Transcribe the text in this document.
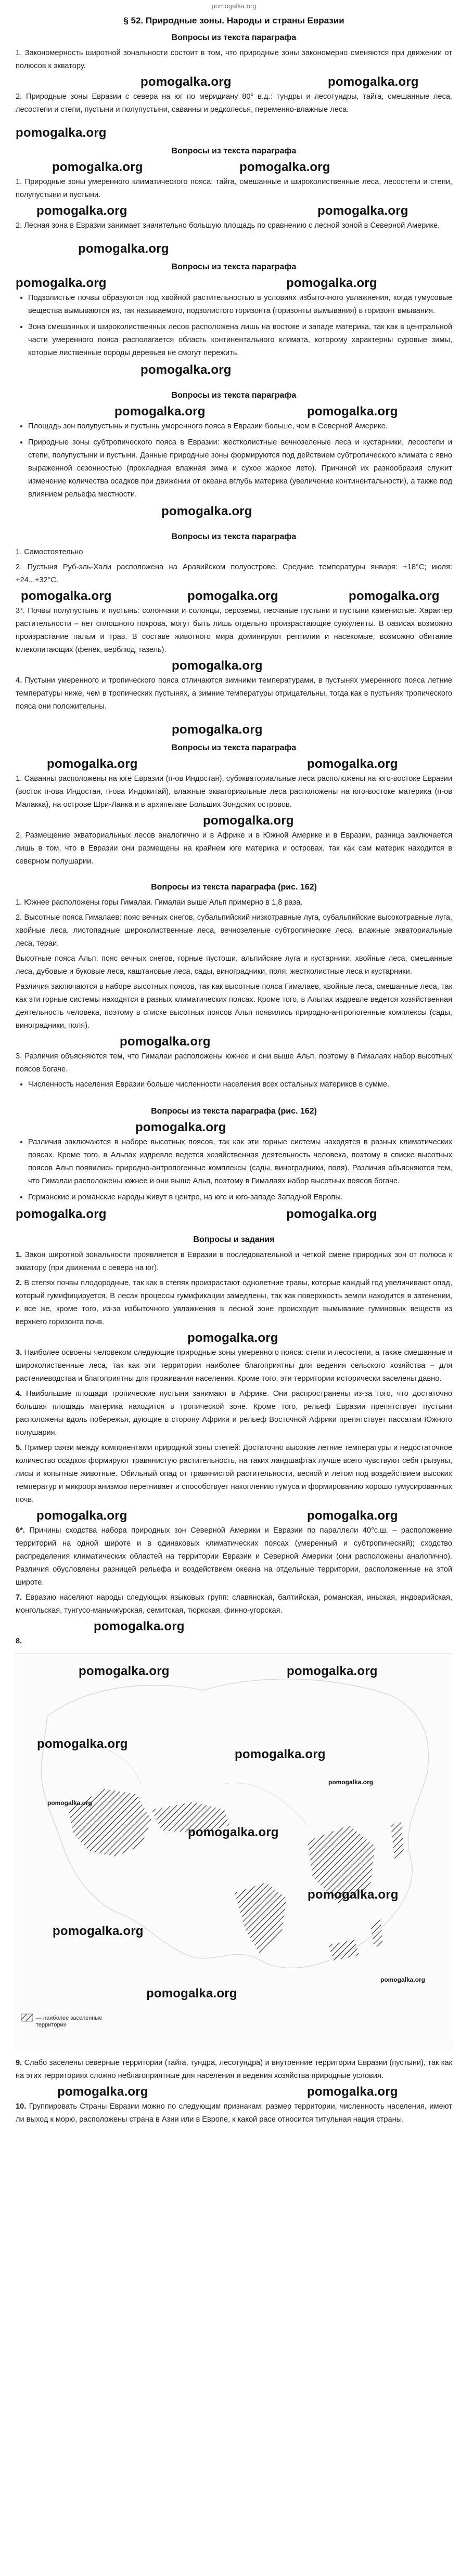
pomogalka.org
§ 52. Природные зоны. Народы и страны Евразии
Вопросы из текста параграфа

1. Закономерность широтной зональности состоит в том, что природные зоны закономерно сменяются при движении от полюсов к экватору.

pomogalka.org	pomogalka.org

2. Природные зоны Евразии с севера на юг по меридиану 80° в.д.: тундры и лесотундры, тайга, смешанные леса, лесостепи и степи, пустыни и полупустыни, саванны и редколесья, переменно-влажные леса.

pomogalka.org
Вопросы из текста параграфа
pomogalka.org	pomogalka.org

1. Природные зоны умеренного климатического пояса: тайга, смешанные и широколиственные леса, лесостепи и степи, полупустыни и пустыни.

pomogalka.org	pomogalka.org

2. Лесная зона в Евразии занимает значительно большую площадь по сравнению с лесной зоной в Северной Америке.

pomogalka.org
Вопросы из текста параграфа
pomogalka.org	pomogalka.org
• Подзолистые почвы образуются под хвойной растительностью в условиях избыточного увлажнения, когда гумусовые вещества вымываются из, так называемого, подзолистого горизонта (горизонты вымывания) в горизонт вмывания.
• Зона смешанных и широколиственных лесов расположена лишь на востоке и западе материка, так как в центральной части умеренного пояса располагается область континентального климата, которому характерны суровые зимы, которые лиственные породы деревьев не смогут пережить.
pomogalka.org
Вопросы из текста параграфа
pomogalka.org	pomogalka.org
• Площадь зон полупустынь и пустынь умеренного пояса в Евразии больше, чем в Северной Америке.
• Природные зоны субтропического пояса в Евразии: жестколистные вечнозеленые леса и кустарники, лесостепи и степи, полупустыни и пустыни. Данные природные зоны формируются под действием субтропического климата с явно выраженной сезонностью (прохладная влажная зима и сухое жаркое лето). Причиной их разнообразия служит изменение количества осадков при движении от океана вглубь материка (увеличение континентальности), а также под влиянием рельефа местности.
pomogalka.org
Вопросы из текста параграфа

1. Самостоятельно

2. Пустыня Руб-эль-Хали расположена на Аравийском полуострове. Средние температуры января: +18°С; июля: +24...+32°С.

pomogalka.org	pomogalka.org	pomogalka.org

3*. Почвы полупустынь и пустынь: солончаки и солонцы, сероземы, песчаные пустыни и пустыни каменистые. Характер растительности – нет сплошного покрова, могут быть лишь отдельно произрастающие суккуленты. В оазисах возможно произрастание пальм и трав. В составе животного мира доминируют рептилии и насекомые, возможно обитание млекопитающих (фенёк, верблюд, газель).

pomogalka.org

4. Пустыни умеренного и тропического пояса отличаются зимними температурами, в пустынях умеренного пояса летние температуры ниже, чем в тропических пустынях, а зимние температуры отрицательны, тогда как в пустынях тропического пояса они положительны.

pomogalka.org
Вопросы из текста параграфа
pomogalka.org	pomogalka.org

1. Саванны расположены на юге Евразии (п-ов Индостан), субэкваториальные леса расположены на юго-востоке Евразии (восток п-ова Индостан, п-ова Индокитай), влажные экваториальные леса расположены на юго-востоке материка (п-ов Малакка), на острове Шри-Ланка и в архипелаге Больших Зондских островов.

pomogalka.org

2. Размещение экваториальных лесов аналогично и в Африке и в Южной Америке и в Евразии, разница заключается лишь в том, что в Евразии они размещены на крайнем юге материка и островах, так как сам материк находится в северном полушарии.

Вопросы из текста параграфа (рис. 162)

1. Южнее расположены горы Гималаи. Гималаи выше Альп примерно в 1,8 раза.

2. Высотные пояса Гималаев: пояс вечных снегов, субальпийский низкотравные луга, субальпийские высокотравные луга, хвойные леса, листопадные широколиственные леса, вечнозеленые субтропические леса, влажные экваториальные леса, тераи.

Высотные пояса Альп: пояс вечных снегов, горные пустоши, альпийские луга и кустарники, хвойные леса, смешанные леса, дубовые и буковые леса, каштановые леса, сады, виноградники, поля, жестколистные леса и кустарники.

Различия заключаются в наборе высотных поясов, так как высотные пояса Гималаев, хвойные леса, смешанные леса, так как эти горные системы находятся в разных климатических поясах. Кроме того, в Альпах издревле ведется хозяйственная деятельность человека, поэтому в списке высотных поясов Альп появились природно-антропогенные комплексы (сады, виноградники, поля).

pomogalka.org

3. Различия объясняются тем, что Гималаи расположены южнее и они выше Альп, поэтому в Гималаях набор высотных поясов богаче.

• Численность населения Евразии больше численности населения всех остальных материков в сумме.
Вопросы из текста параграфа (рис. 162)
pomogalka.org
• Различия заключаются в наборе высотных поясов, так как эти горные системы находятся в разных климатических поясах. Кроме того, в Альпах издревле ведется хозяйственная деятельность человека, поэтому в списке высотных поясов Альп появились природно-антропогенные комплексы (сады, виноградники, поля). Различия объясняются тем, что Гималаи расположены южнее и они выше Альп, поэтому в Гималаях набор высотных поясов богаче.
• Германские и романские народы живут в центре, на юге и юго-западе Западной Европы.
pomogalka.org	pomogalka.org
Вопросы и задания

1. Закон широтной зональности проявляется в Евразии в последовательной и четкой смене природных зон от полюса к экватору (при движении с севера на юг).

2. В степях почвы плодородные, так как в степях произрастают однолетние травы, которые каждый год увеличивают опад, который гумифицируется. В лесах процессы гумификации замедлены, так как поверхность земли находится в затенении, и все же, кроме того, из-за избыточного увлажнения в лесной зоне происходит вымывание гуминовых веществ из верхнего горизонта почв.

pomogalka.org

3. Наиболее освоены человеком следующие природные зоны умеренного пояса: степи и лесостепи, а также смешанные и широколиственные леса, так как эти территории наиболее благоприятны для ведения сельского хозяйства – для растениеводства и благоприятны для проживания населения. Кроме того, эти территории исторически заселены давно.

4. Наибольшие площади тропические пустыни занимают в Африке. Они распространены из-за того, что достаточно большая площадь материка находится в тропической зоне. Кроме того, рельеф Евразии препятствует пустыни расположены вдоль побережья, дующие в сторону Африки и рельеф Восточной Африки препятствует пассатам Южного полушария.

5. Пример связи между компонентами природной зоны степей: Достаточно высокие летние температуры и недостаточное количество осадков формируют травянистую растительность, на таких ландшафтах лучше всего чувствуют себя грызуны, лисы и копытные животные. Обильный опад от травянистой растительности, весной и летом под воздействием высоких температур и микроорганизмов перегнивает и способствует накоплению гумуса и формированию хорошо гумусированных почв.

pomogalka.org	pomogalka.org

6*. Причины сходства набора природных зон Северной Америки и Евразии по параллели 40°с.ш. – расположение территорий на одной широте и в одинаковых климатических поясах (умеренный и субтропический); сходство распределения климатических областей на территории Евразии и Северной Америки (они расположены аналогично). Различия обусловлены разницей рельефа и воздействием океана на отдельные территории, расположенные на этой широте.

7. Евразию населяют народы следующих языковых групп: славянская, балтийская, романская, иньская, индоарийская, монгольская, тунгусо-маньчжурская, семитская, тюркская, финно-угорская.

pomogalka.org

8.

pomogalka.org	pomogalka.org
pomogalka.org
pomogalka.org
pomogalka.org
pomogalka.org
pomogalka.org
pomogalka.org
pomogalka.org
pomogalka.org
pomogalka.org
— наиболее заселенные территории

9. Слабо заселены северные территории (тайга, тундра, лесотундра) и внутренние территории Евразии (пустыни), так как на этих территориях сложно неблагоприятные для населения и ведения хозяйства природные условия.

pomogalka.org	pomogalka.org

10. Группировать Страны Евразии можно по следующим признакам: размер территории, численность населения, имеют ли выход к морю, расположены страна в Азии или в Европе, к какой расе относится титульная нация страны.
